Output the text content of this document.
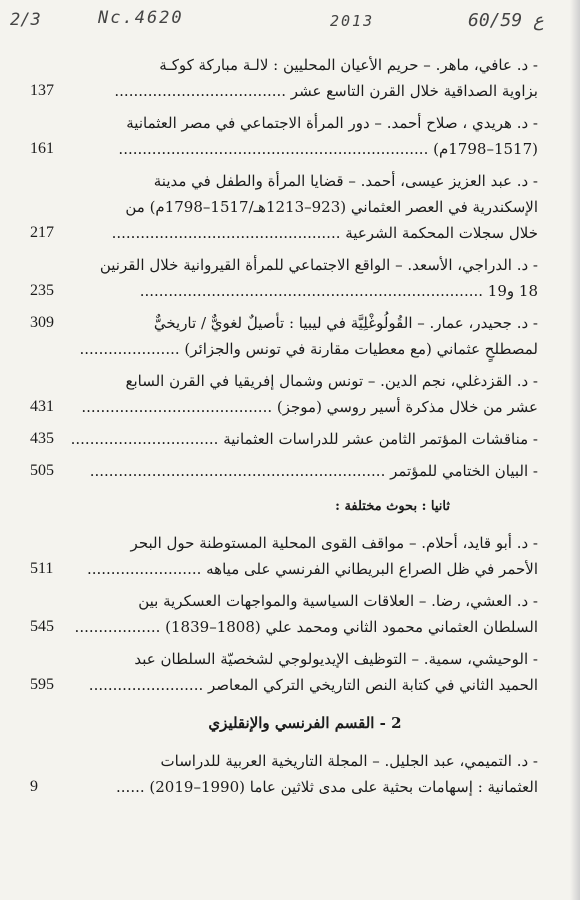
2/3	Nc.4620	2013	60/59 ع
- د. عافي، ماهر. – حريم الأعيان المحليين : لالـة مباركة كوكـة
بزاوية الصداقية خلال القرن التاسع عشر ....................................
137
- د. هريدي ، صلاح أحمد. – دور المرأة الاجتماعي في مصر العثمانية
(1517–1798م) .................................................................
161
- د. عبد العزيز عيسى، أحمد. – قضايا المرأة والطفل في مدينة
الإسكندرية في العصر العثماني (923–1213هـ/1517–1798م) من
خلال سجلات المحكمة الشرعية ................................................
217
- د. الدراجي، الأسعد. – الواقع الاجتماعي للمرأة القيروانية خلال القرنين
18 و19 ........................................................................
235
- د. جحيدر، عمار. – القُولُوغْلِيَّة في ليبيا : تأصيلٌ لغويٌّ / تاريخيٌّ
لمصطلحٍ عثماني (مع معطيات مقارنة في تونس والجزائر) .....................
309
- د. القزدغلي، نجم الدين. – تونس وشمال إفريقيا في القرن السابع
عشر من خلال مذكرة أسير روسي (موجز) ........................................
431
- مناقشات المؤتمر الثامن عشر للدراسات العثمانية ...............................
435
- البيان الختامي للمؤتمر ..............................................................
505
ثانيا : بحوث مختلفة :
- د. أبو قايد، أحلام. – مواقف القوى المحلية المستوطنة حول البحر
الأحمر في ظل الصراع البريطاني الفرنسي على مياهه ........................
511
- د. العشي، رضا. – العلاقات السياسية والمواجهات العسكرية بين
السلطان العثماني محمود الثاني ومحمد علي (1808–1839) ..................
545
- الوحيشي، سمية. – التوظيف الإيديولوجي لشخصيّة السلطان عبد
الحميد الثاني في كتابة النص التاريخي التركي المعاصر ........................
595
2 - القسم الفرنسي والإنقليزي
- د. التميمي، عبد الجليل. – المجلة التاريخية العربية للدراسات
العثمانية : إسهامات بحثية على مدى ثلاثين عاما (1990–2019) ......
9
